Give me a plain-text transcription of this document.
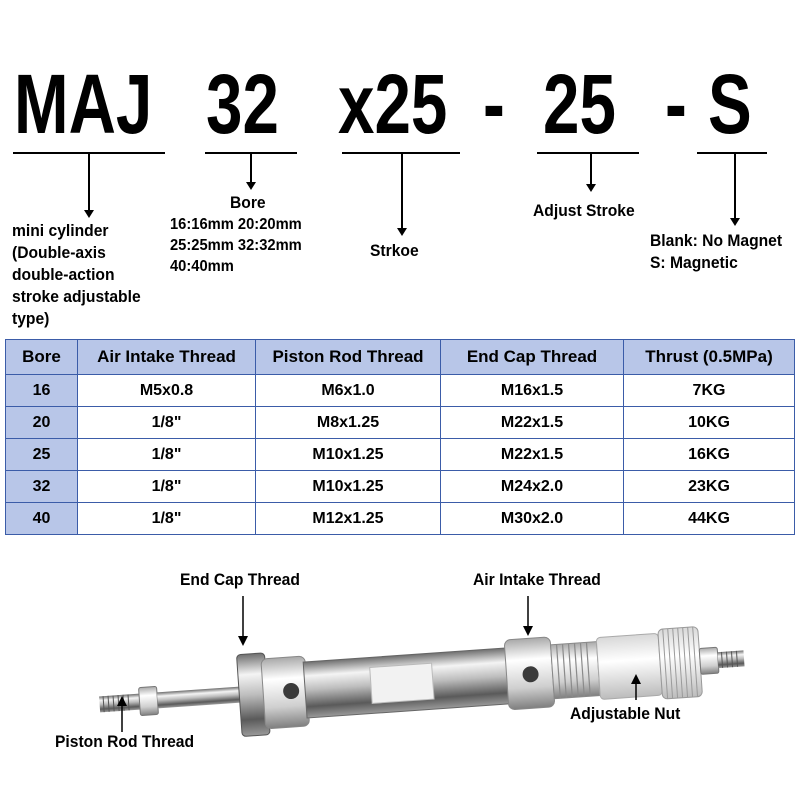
MAJ 32 x25 - 25 - S
mini cylinder
(Double-axis
double-action
stroke adjustable
type)
Bore
16:16mm 20:20mm
25:25mm 32:32mm
40:40mm
Strkoe
Adjust Stroke
Blank: No Magnet
S: Magnetic
Bore	Air Intake Thread	Piston Rod Thread	End Cap Thread	Thrust (0.5MPa)
16	M5x0.8	M6x1.0	M16x1.5	7KG
20	1/8"	M8x1.25	M22x1.5	10KG
25	1/8"	M10x1.25	M22x1.5	16KG
32	1/8"	M10x1.25	M24x2.0	23KG
40	1/8"	M12x1.25	M30x2.0	44KG
End Cap Thread	Air Intake Thread
Adjustable Nut
Piston Rod Thread
